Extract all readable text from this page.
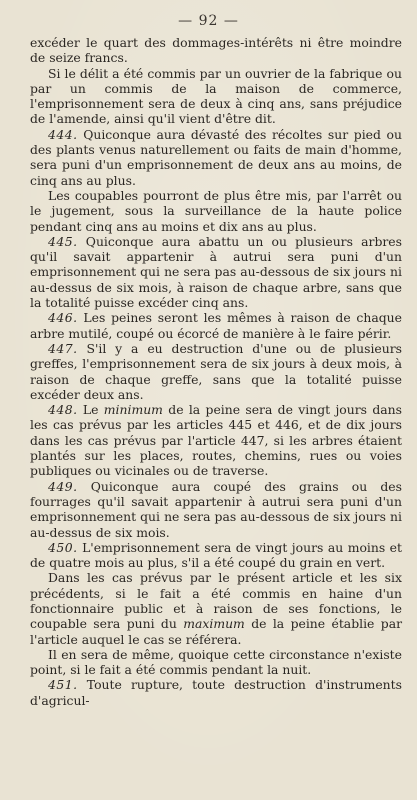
— 92 —

excéder le quart des dommages-intérêts ni être moindre de seize francs.

Si le délit a été commis par un ouvrier de la fabrique ou par un commis de la maison de commerce, l'emprisonnement sera de deux à cinq ans, sans préjudice de l'amende, ainsi qu'il vient d'être dit.

444. Quiconque aura dévasté des récoltes sur pied ou des plants venus naturellement ou faits de main d'homme, sera puni d'un emprisonnement de deux ans au moins, de cinq ans au plus.

Les coupables pourront de plus être mis, par l'arrêt ou le jugement, sous la surveillance de la haute police pendant cinq ans au moins et dix ans au plus.

445. Quiconque aura abattu un ou plusieurs arbres qu'il savait appartenir à autrui sera puni d'un emprisonnement qui ne sera pas au-dessous de six jours ni au-dessus de six mois, à raison de chaque arbre, sans que la totalité puisse excéder cinq ans.

446. Les peines seront les mêmes à raison de chaque arbre mutilé, coupé ou écorcé de manière à le faire périr.

447. S'il y a eu destruction d'une ou de plusieurs greffes, l'emprisonnement sera de six jours à deux mois, à raison de chaque greffe, sans que la totalité puisse excéder deux ans.

448. Le minimum de la peine sera de vingt jours dans les cas prévus par les articles 445 et 446, et de dix jours dans les cas prévus par l'article 447, si les arbres étaient plantés sur les places, routes, chemins, rues ou voies publiques ou vicinales ou de traverse.

449. Quiconque aura coupé des grains ou des fourrages qu'il savait appartenir à autrui sera puni d'un emprisonnement qui ne sera pas au-dessous de six jours ni au-dessus de six mois.

450. L'emprisonnement sera de vingt jours au moins et de quatre mois au plus, s'il a été coupé du grain en vert.

Dans les cas prévus par le présent article et les six précédents, si le fait a été commis en haine d'un fonctionnaire public et à raison de ses fonctions, le coupable sera puni du maximum de la peine établie par l'article auquel le cas se référera.

Il en sera de même, quoique cette circonstance n'existe point, si le fait a été commis pendant la nuit.

451. Toute rupture, toute destruction d'instruments d'agricul-
